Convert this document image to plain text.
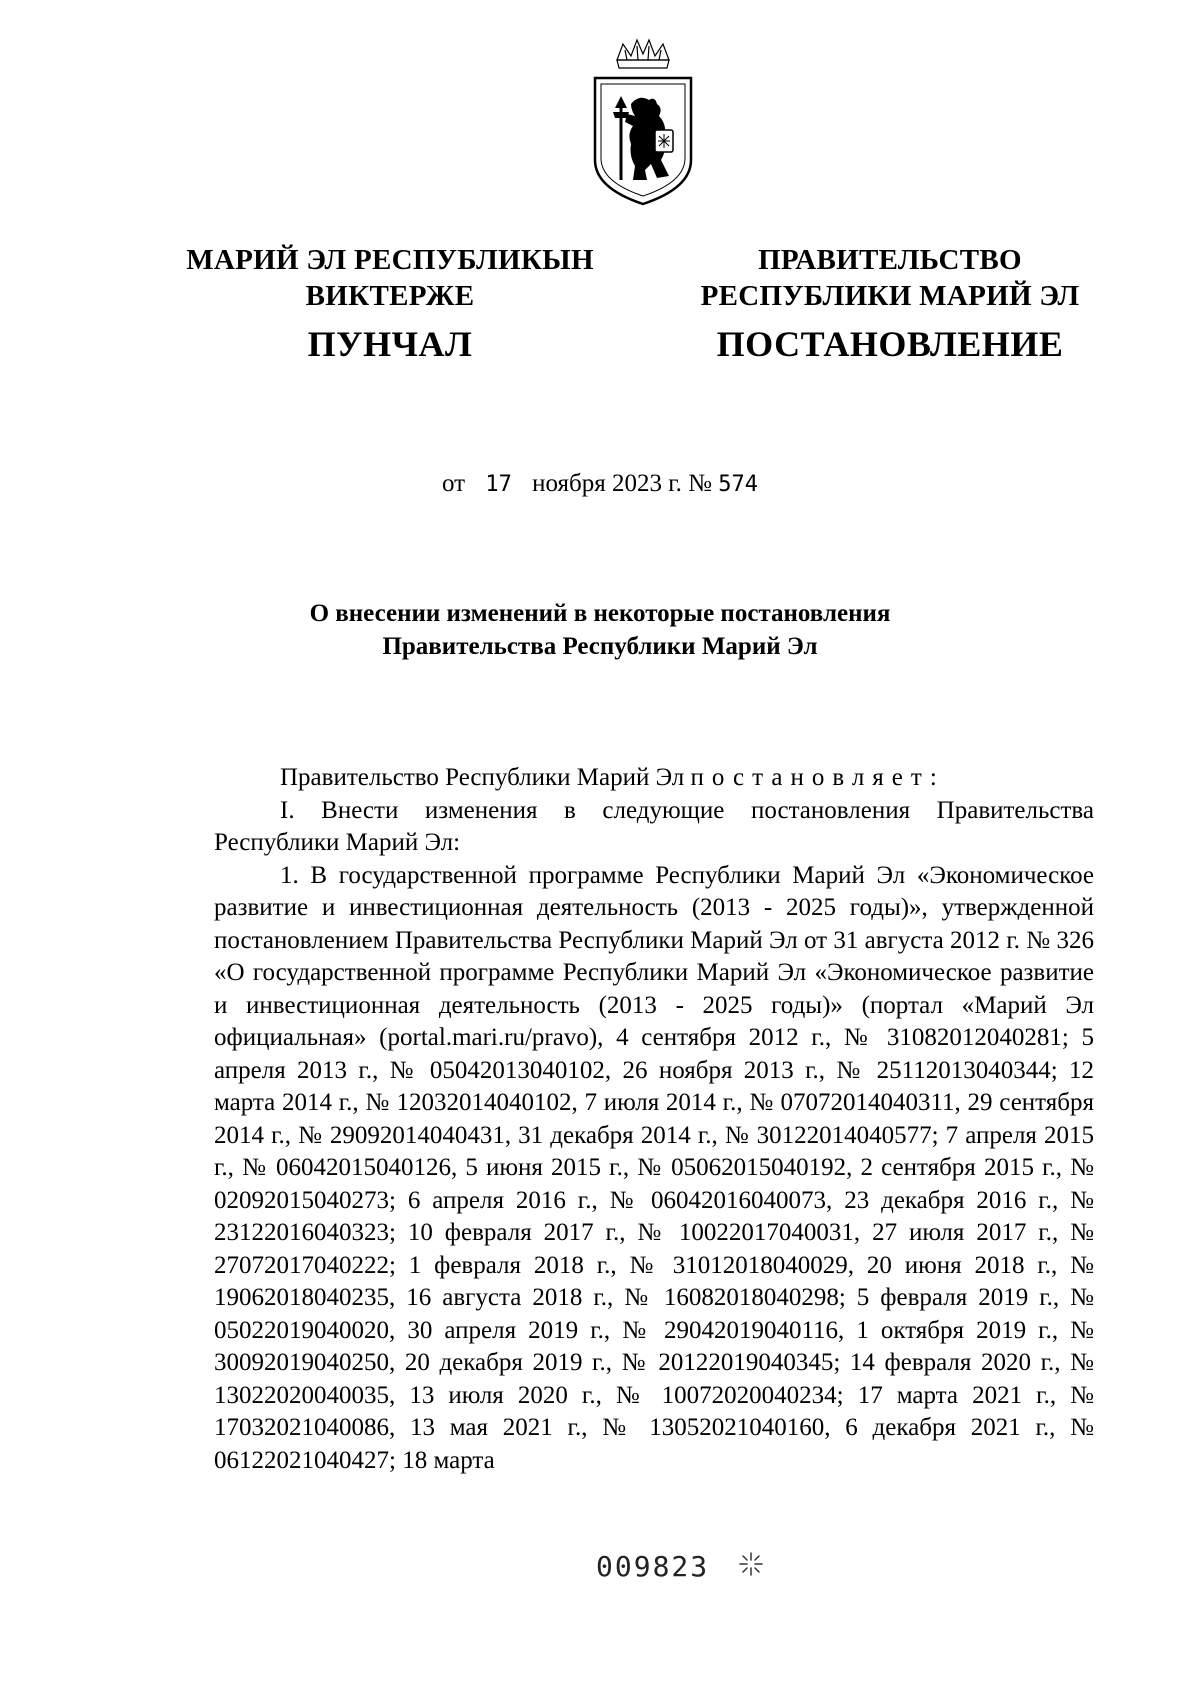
МАРИЙ ЭЛ РЕСПУБЛИКЫН
ВИКТЕРЖЕ
ПУНЧАЛ
ПРАВИТЕЛЬСТВО
РЕСПУБЛИКИ МАРИЙ ЭЛ
ПОСТАНОВЛЕНИЕ
от 17 ноября 2023 г. № 574
О внесении изменений в некоторые постановления
Правительства Республики Марий Эл

Правительство Республики Марий Эл постановляет:

I. Внести изменения в следующие постановления Правительства Республики Марий Эл:

1. В государственной программе Республики Марий Эл «Экономическое развитие и инвестиционная деятельность (2013 - 2025 годы)», утвержденной постановлением Правительства Республики Марий Эл от 31 августа 2012 г. № 326 «О государственной программе Республики Марий Эл «Экономическое развитие и инвестиционная деятельность (2013 - 2025 годы)» (портал «Марий Эл официальная» (portal.mari.ru/pravo), 4 сентября 2012 г., № 31082012040281; 5 апреля 2013 г., № 05042013040102, 26 ноября 2013 г., № 25112013040344; 12 марта 2014 г., № 12032014040102, 7 июля 2014 г., № 07072014040311, 29 сентября 2014 г., № 29092014040431, 31 декабря 2014 г., № 30122014040577; 7 апреля 2015 г., № 06042015040126, 5 июня 2015 г., № 05062015040192, 2 сентября 2015 г., № 02092015040273; 6 апреля 2016 г., № 06042016040073, 23 декабря 2016 г., № 23122016040323; 10 февраля 2017 г., № 10022017040031, 27 июля 2017 г., № 27072017040222; 1 февраля 2018 г., № 31012018040029, 20 июня 2018 г., № 19062018040235, 16 августа 2018 г., № 16082018040298; 5 февраля 2019 г., № 05022019040020, 30 апреля 2019 г., № 29042019040116, 1 октября 2019 г., № 30092019040250, 20 декабря 2019 г., № 20122019040345; 14 февраля 2020 г., № 13022020040035, 13 июля 2020 г., № 10072020040234; 17 марта 2021 г., № 17032021040086, 13 мая 2021 г., № 13052021040160, 6 декабря 2021 г., № 06122021040427; 18 марта

009823
